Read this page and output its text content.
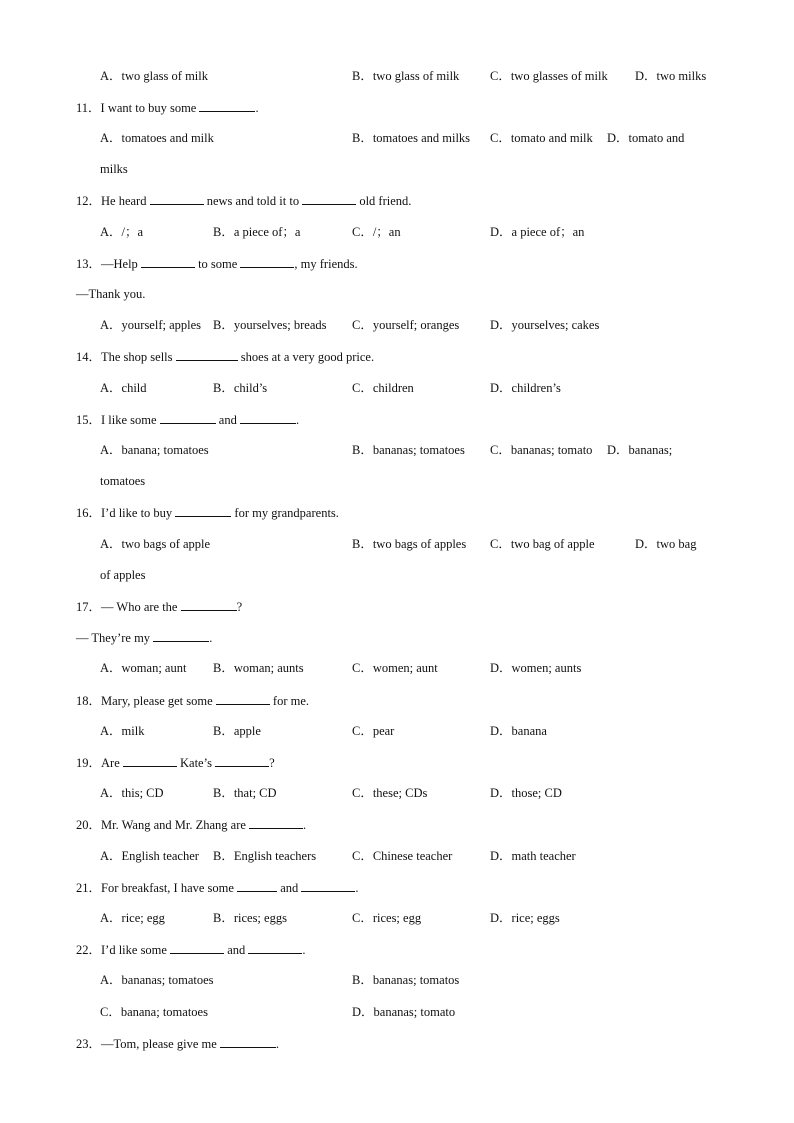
A．two glass of milk	B．two glass of milk C．two glasses of milk D．two milks
11．I want to buy some	.
A．tomatoes and milk	B．tomatoes and milks C．tomato and milk D．tomato and
milks
12．He heard	news and told it to	old friend.
A．/；a	B．a piece of；a	C．/；an	D．a piece of；an
13．—Help	to some	, my friends.
—Thank you.
A．yourself; apples B．yourselves; breads C．yourself; oranges D．yourselves; cakes
14．The shop sells	shoes at a very good price.
A．child	B．child’s	C．children	D．children’s
15．I like some	and	.
A．banana; tomatoes	B．bananas; tomatoes C．bananas; tomato D．bananas;
tomatoes
16．I’d like to buy	for my grandparents.
A．two bags of apple	B．two bags of apples C．two bag of apple	D．two bag
of apples
17．— Who are the	?
— They’re my	.
A．woman; aunt B．woman; aunts	C．women; aunt	D．women; aunts
18．Mary, please get some	for me.
A．milk	B．apple	C．pear	D．banana
19．Are	Kate’s	?
A．this; CD	B．that; CD	C．these; CDs	D．those; CD
20．Mr. Wang and Mr. Zhang are	.
A．English teacher B．English teachers	C．Chinese teacher	D．math teacher
21．For breakfast, I have some	and	.
A．rice; egg	B．rices; eggs	C．rices; egg	D．rice; eggs
22．I’d like some	and	.
A．bananas; tomatoes	B．bananas; tomatos
C．banana; tomatoes	D．bananas; tomato
23．—Tom, please give me	.
